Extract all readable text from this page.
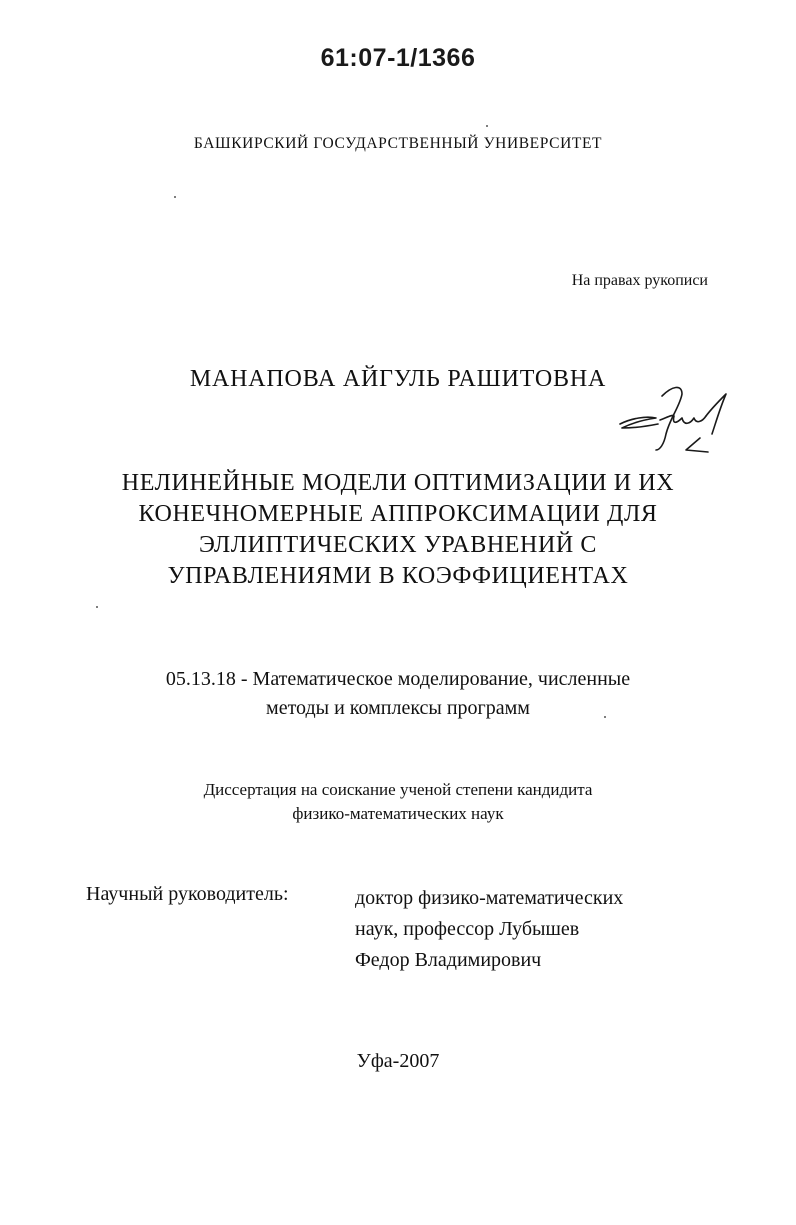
61:07-1/1366
БАШКИРСКИЙ ГОСУДАРСТВЕННЫЙ УНИВЕРСИТЕТ
На правах рукописи
МАНАПОВА АЙГУЛЬ РАШИТОВНА
НЕЛИНЕЙНЫЕ МОДЕЛИ ОПТИМИЗАЦИИ И ИХ
КОНЕЧНОМЕРНЫЕ АППРОКСИМАЦИИ ДЛЯ
ЭЛЛИПТИЧЕСКИХ УРАВНЕНИЙ С
УПРАВЛЕНИЯМИ В КОЭФФИЦИЕНТАХ
05.13.18 - Математическое моделирование, численные
методы и комплексы программ
Диссертация на соискание ученой степени кандидита
физико-математических наук
Научный руководитель:	доктор физико-математических
наук, профессор Лубышев
Федор Владимирович
Уфа-2007
